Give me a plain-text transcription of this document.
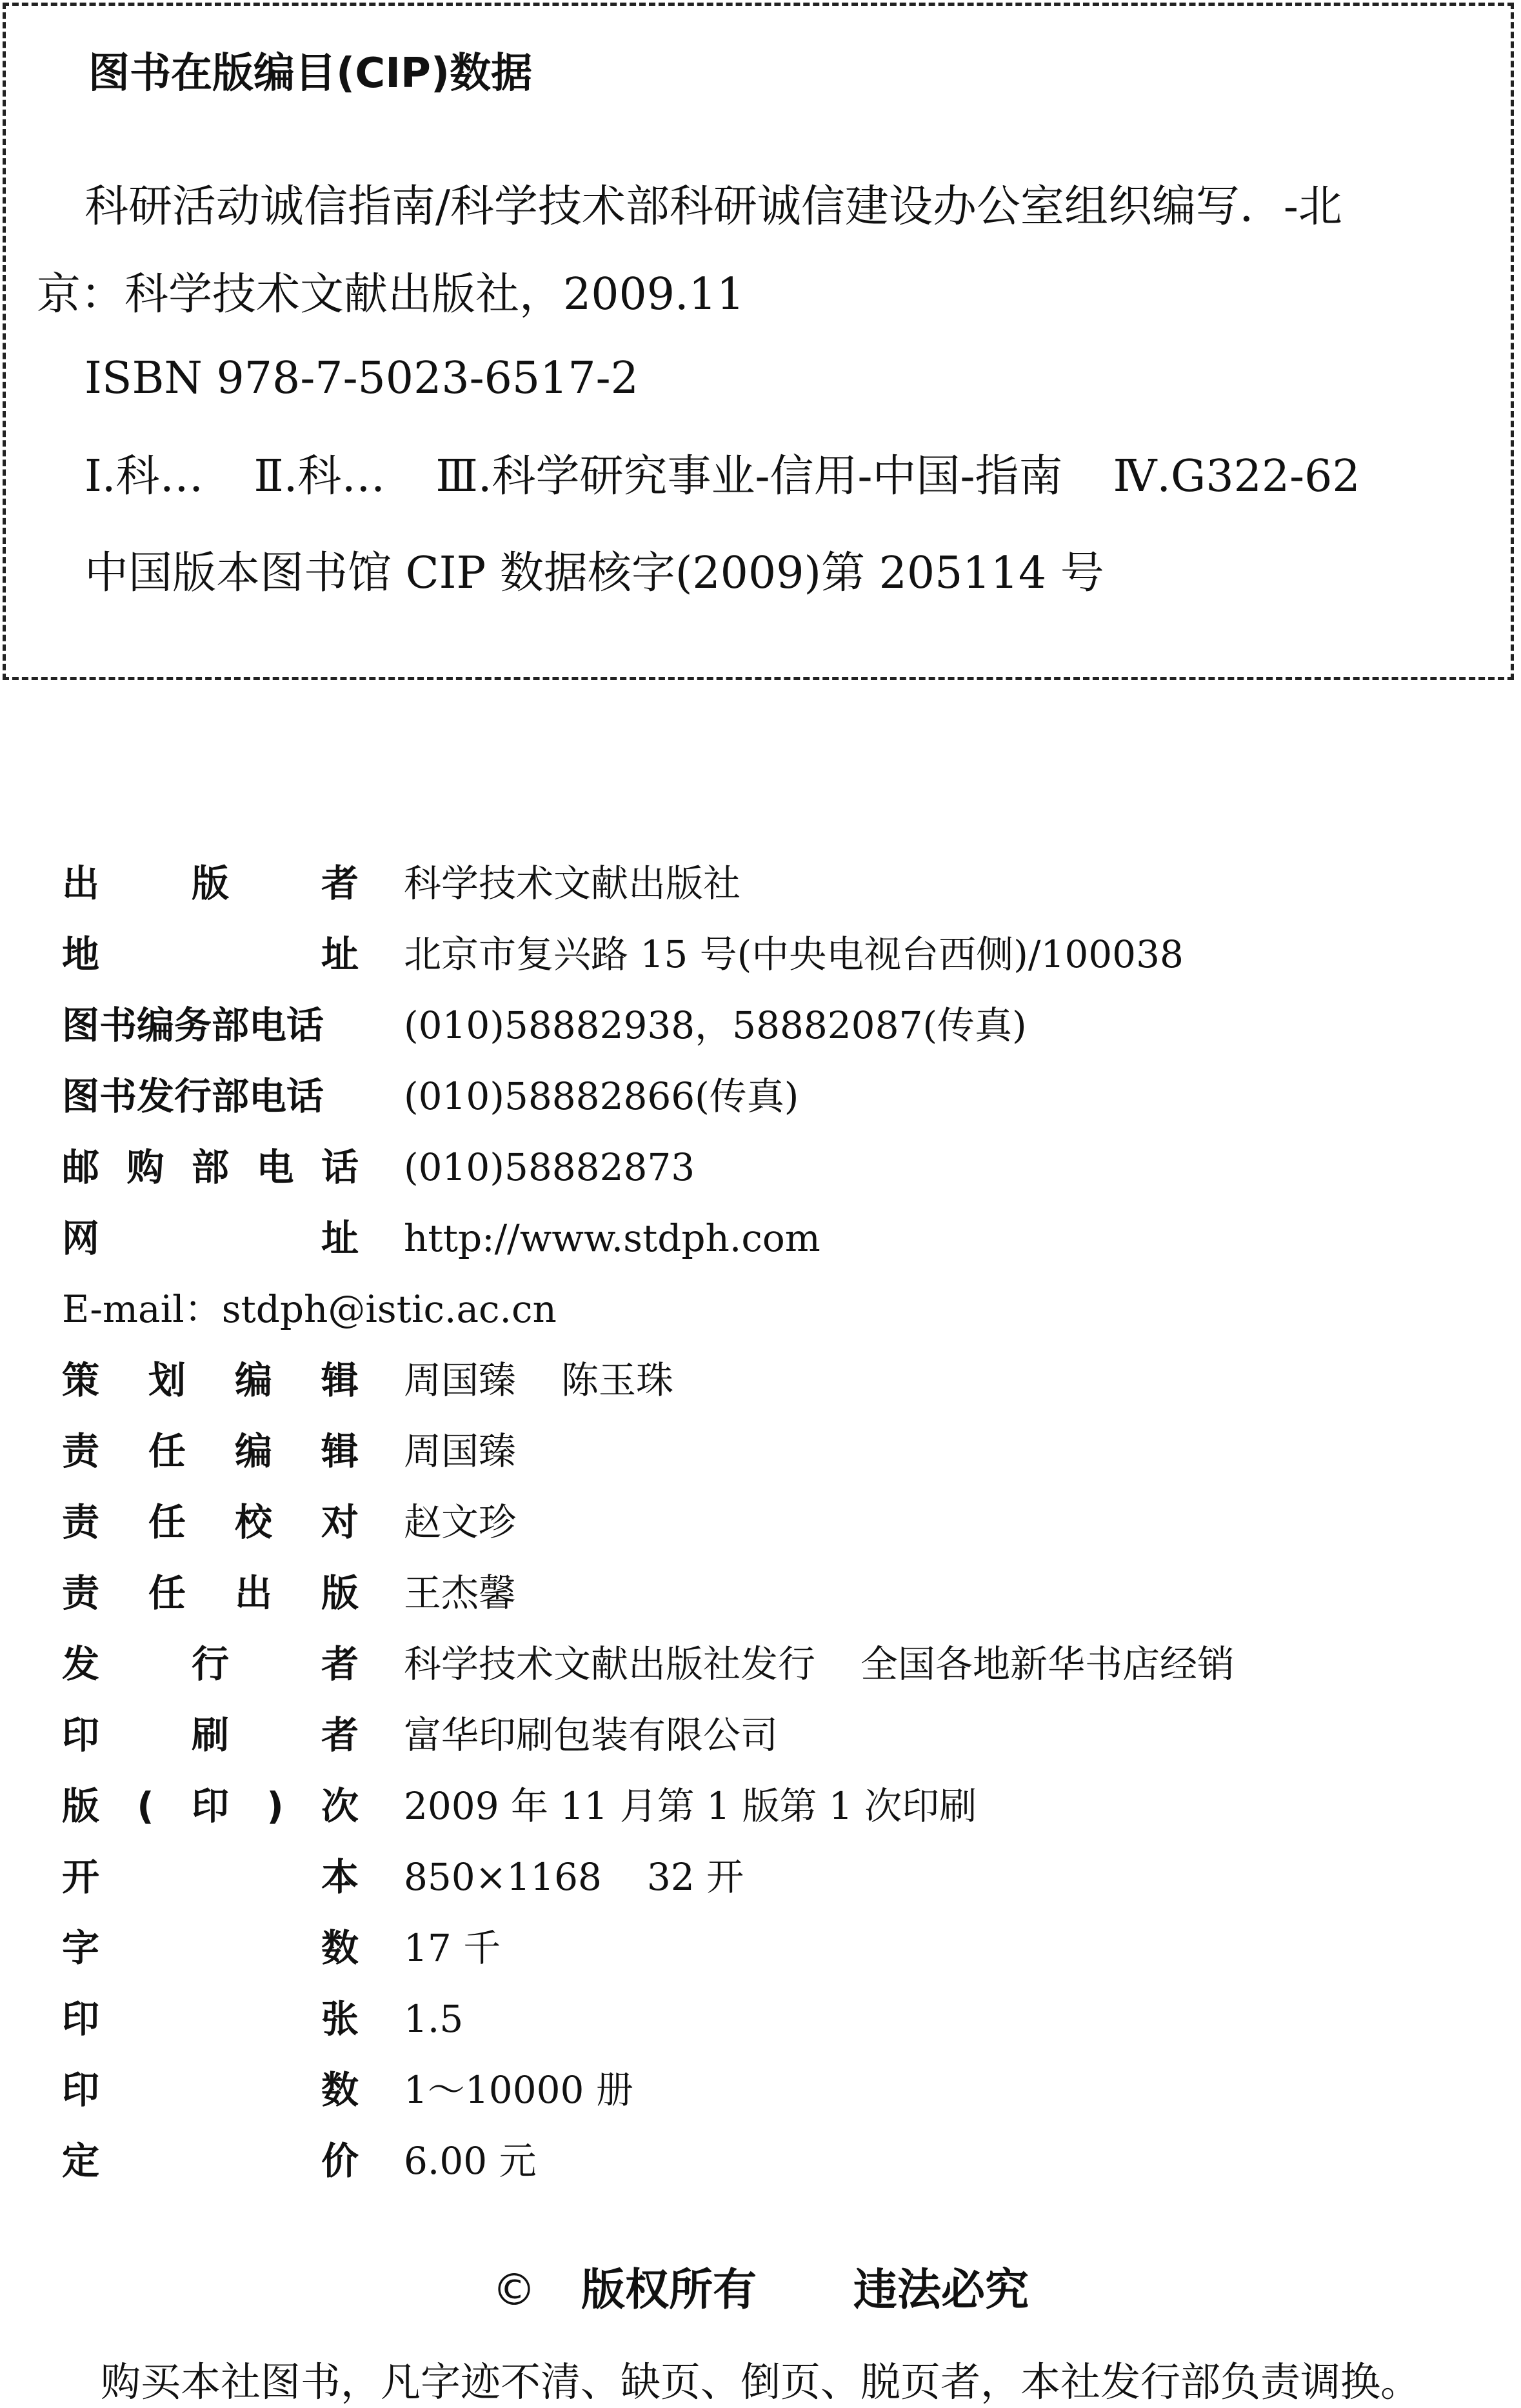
图书在版编目(CIP)数据
科研活动诚信指南/科学技术部科研诚信建设办公室组织编写．-北
京：科学技术文献出版社，2009.11
ISBN 978-7-5023-6517-2
Ⅰ.科… Ⅱ.科… Ⅲ.科学研究事业-信用-中国-指南 Ⅳ.G322-62
中国版本图书馆 CIP 数据核字(2009)第 205114 号
出 版 者 科学技术文献出版社
地	址 北京市复兴路 15 号(中央电视台西侧)/100038
图书编务部电话 (010)58882938，58882087(传真)
图书发行部电话 (010)58882866(传真)
邮 购 部 电 话 (010)58882873
网	址 http://www.stdph.com
E-mail：stdph@istic.ac.cn
策 划 编 辑 周国臻 陈玉珠
责 任 编 辑 周国臻
责 任 校 对 赵文珍
责 任 出 版 王杰馨
发 行 者 科学技术文献出版社发行 全国各地新华书店经销
印 刷 者 富华印刷包装有限公司
版 ( 印 ) 次 2009 年 11 月第 1 版第 1 次印刷
开	本 850×1168 32 开
字	数 17 千
印	张 1.5
印	数 1～10000 册
定	价 6.00 元
© 版权所有 违法必究
购买本社图书，凡字迹不清、缺页、倒页、脱页者，本社发行部负责调换。
